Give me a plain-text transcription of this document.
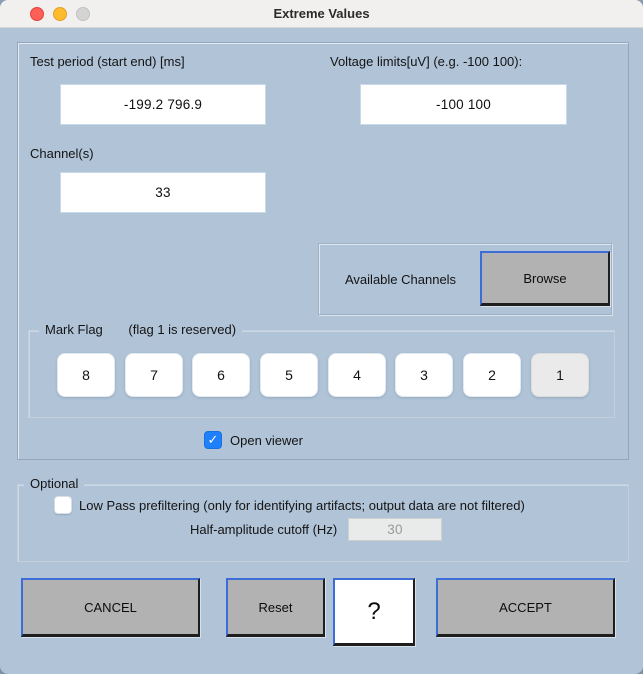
Extreme Values
Test period (start end) [ms]
-199.2 796.9
Voltage limits[uV] (e.g. -100 100):
-100 100
Channel(s)
33
Available Channels	Browse
Mark Flag (flag 1 is reserved)
8	7	6	5	4	3	2	1
✓ Open viewer
Optional
Low Pass prefiltering (only for identifying artifacts; output data are not filtered)
Half-amplitude cutoff (Hz)	30
CANCEL	Reset	?	ACCEPT
